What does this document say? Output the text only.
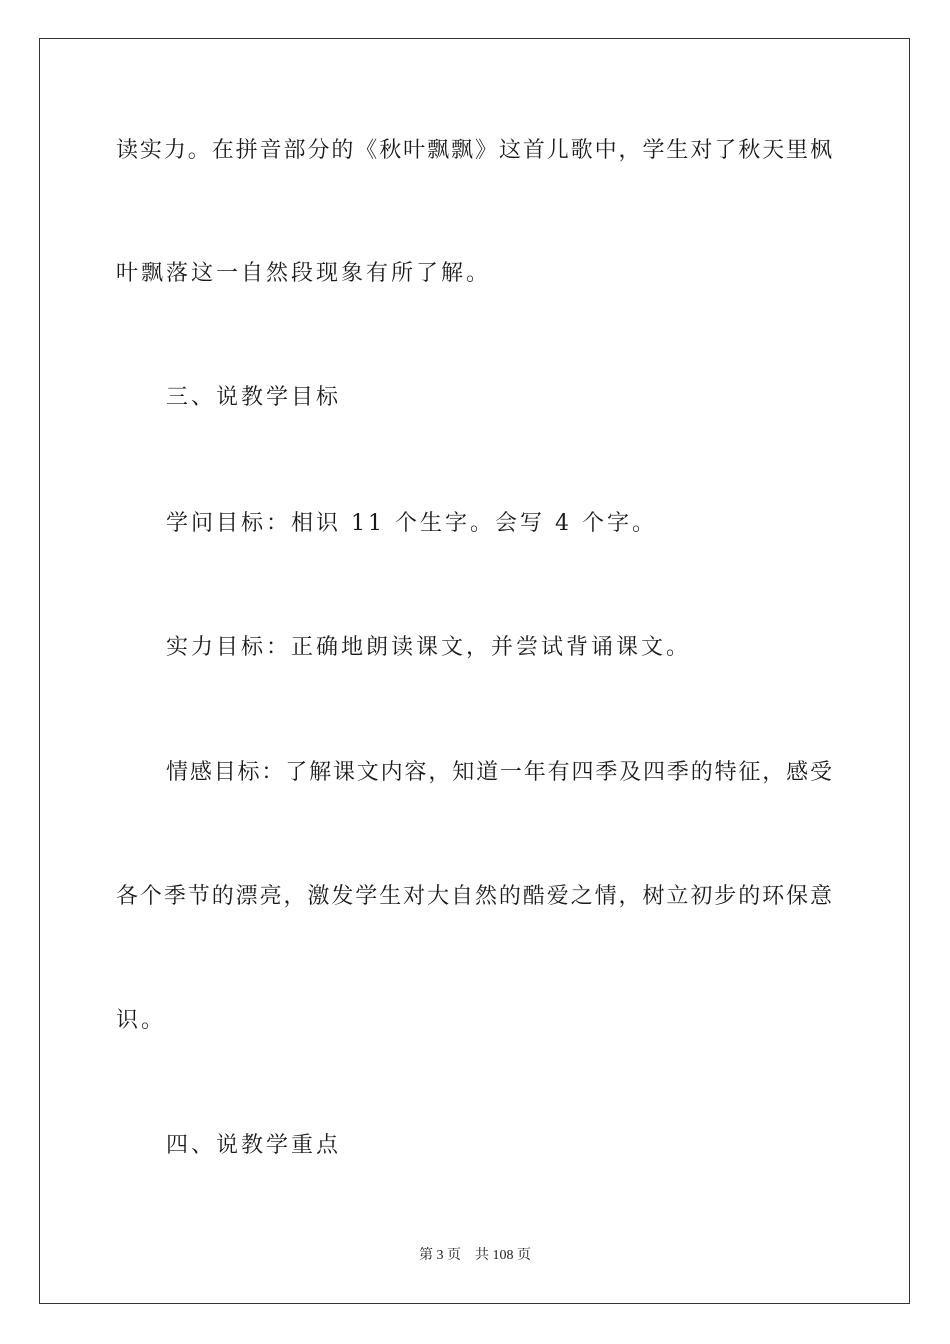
读实力。在拼音部分的《秋叶飘飘》这首儿歌中，学生对了秋天里枫
叶飘落这一自然段现象有所了解。
三、说教学目标
学问目标：相识 11 个生字。会写 4 个字。
实力目标：正确地朗读课文，并尝试背诵课文。
情感目标：了解课文内容，知道一年有四季及四季的特征，感受
各个季节的漂亮，激发学生对大自然的酷爱之情，树立初步的环保意
识。
四、说教学重点
第 3 页    共 108 页
